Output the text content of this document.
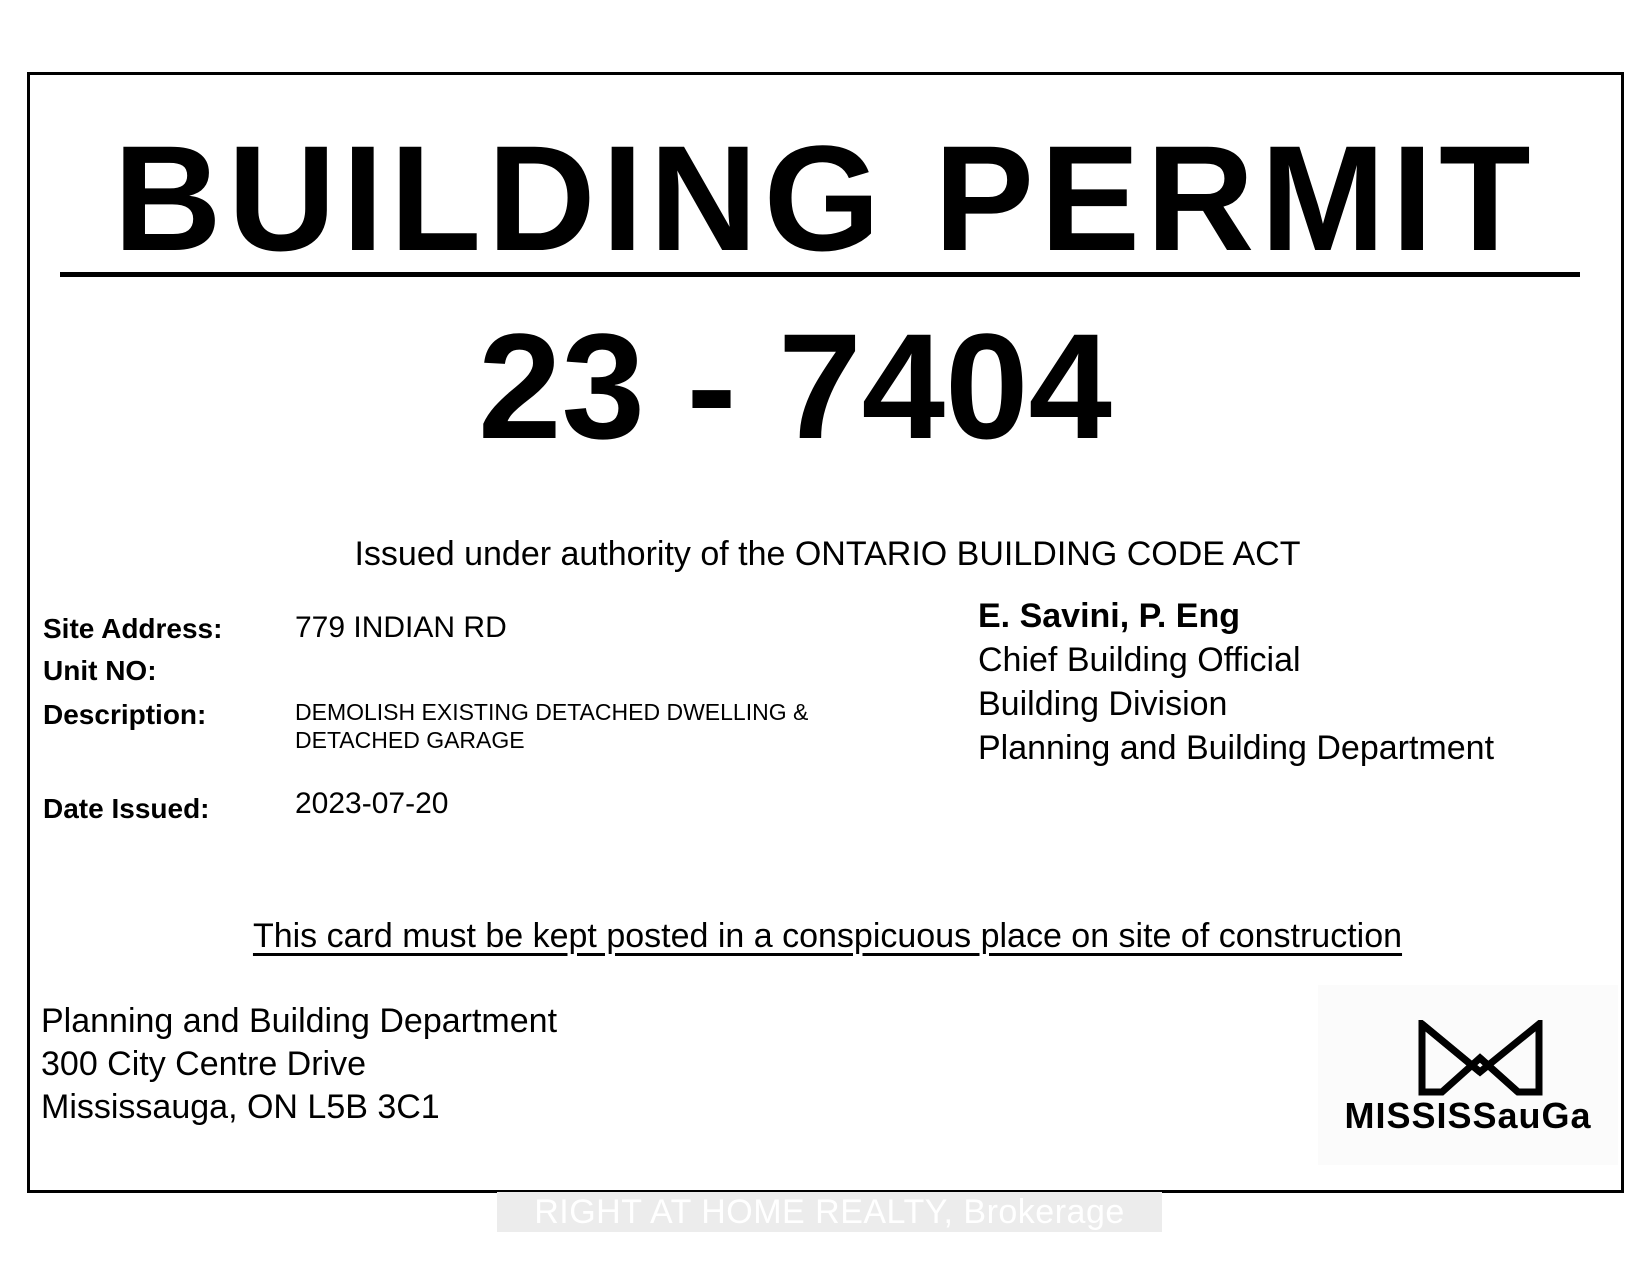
BUILDING PERMIT
23 - 7404
Issued under authority of the ONTARIO BUILDING CODE ACT
Site Address: 779 INDIAN RD
Unit NO:
Description:	DEMOLISH EXISTING DETACHED DWELLING &
DETACHED GARAGE
Date Issued:	2023-07-20
E. Savini, P. Eng
Chief Building Official
Building Division
Planning and Building Department
This card must be kept posted in a conspicuous place on site of construction
Planning and Building Department
300 City Centre Drive
Mississauga, ON L5B 3C1	MISSISSauGa
RIGHT AT HOME REALTY, Brokerage
